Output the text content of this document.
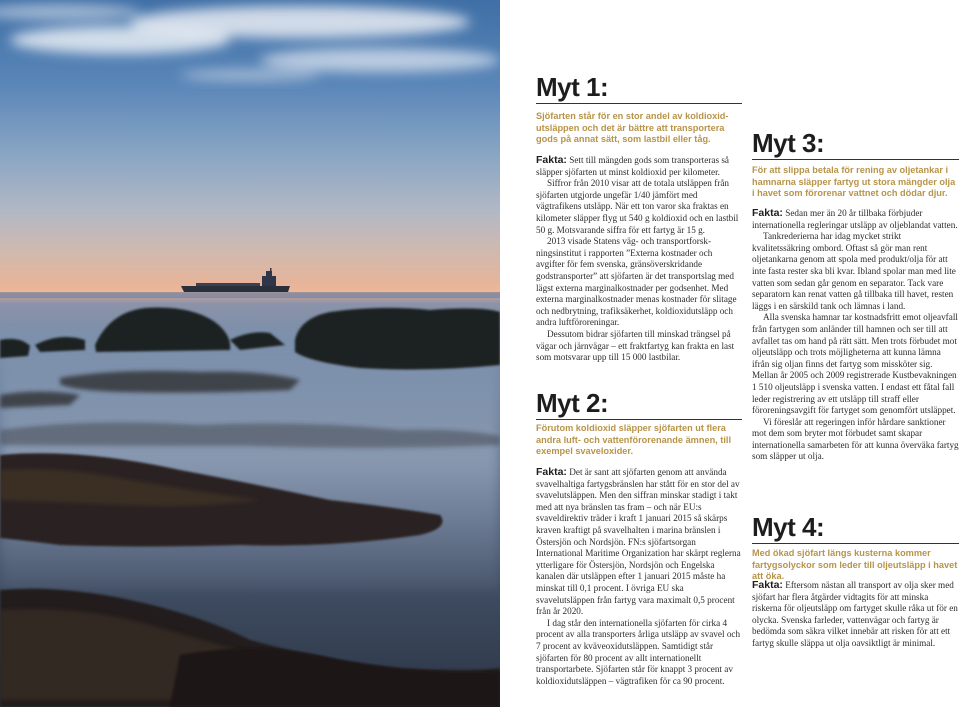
Myt 1:
Sjöfarten står för en stor andel av koldioxidutsläppen och det är bättre att transportera gods på annat sätt, som lastbil eller tåg.

Fakta: Sett till mängden gods som transporteras så släpper sjöfarten ut minst koldioxid per kilometer.

Siffror från 2010 visar att de totala utsläppen från sjöfarten utgjorde ungefär 1/40 jämfört med vägtrafikens utsläpp. När ett ton varor ska fraktas en kilometer släpper flyg ut 540 g koldioxid och en lastbil 50 g. Motsvarande siffra för ett fartyg är 15 g.

2013 visade Statens väg- och transportforskningsinstitut i rapporten ”Externa kostnader och avgifter för fem svenska, gränsöverskridande godstransporter” att sjöfarten är det transportslag med lägst externa marginalkostnader per godsenhet. Med externa marginalkostnader menas kostnader för slitage och nedbrytning, trafiksäkerhet, koldioxidutsläpp och andra luftföroreningar.

Dessutom bidrar sjöfarten till minskad trängsel på vägar och järnvägar – ett fraktfartyg kan frakta en last som motsvarar upp till 15 000 lastbilar.

Myt 2:
Förutom koldioxid släpper sjöfarten ut flera andra luft- och vattenförorenande ämnen, till exempel svaveloxider.

Fakta: Det är sant att sjöfarten genom att använda svavelhaltiga fartygsbränslen har stått för en stor del av svavelutsläppen. Men den siffran minskar stadigt i takt med att nya bränslen tas fram – och när EU:s svaveldirektiv träder i kraft 1 januari 2015 så skärps kraven kraftigt på svavelhalten i marina bränslen i Östersjön och Nordsjön. FN:s sjöfartsorgan International Maritime Organization har skärpt reglerna ytterligare för Östersjön, Nordsjön och Engelska kanalen där utsläppen efter 1 januari 2015 måste ha minskat till 0,1 procent. I övriga EU ska svavelutsläppen från fartyg vara maximalt 0,5 procent från år 2020.

I dag står den internationella sjöfarten för cirka 4 procent av alla transporters årliga utsläpp av svavel och 7 procent av kväveoxidutsläppen. Samtidigt står sjöfarten för 80 procent av allt internationellt transportarbete. Sjöfarten står för knappt 3 procent av koldioxidutsläppen – vägtrafiken för ca 90 procent.

Myt 3:
För att slippa betala för rening av oljetankar i hamnarna släpper fartyg ut stora mängder olja i havet som förorenar vattnet och dödar djur.

Fakta: Sedan mer än 20 år tillbaka förbjuder internationella regleringar utsläpp av oljeblandat vatten.

Tankrederierna har idag mycket strikt kvalitetssäkring ombord. Oftast så gör man rent oljetankarna genom att spola med produkt/olja för att inte fasta rester ska bli kvar. Ibland spolar man med lite vatten som sedan går genom en separator. Tack vare separatorn kan renat vatten gå tillbaka till havet, resten läggs i en särskild tank och lämnas i land.

Alla svenska hamnar tar kostnadsfritt emot oljeavfall från fartygen som anländer till hamnen och ser till att avfallet tas om hand på rätt sätt. Men trots förbudet mot oljeutsläpp och trots möjligheterna att kunna lämna ifrån sig oljan finns det fartyg som missköter sig. Mellan år 2005 och 2009 registrerade Kustbevakningen 1 510 oljeutsläpp i svenska vatten. I endast ett fåtal fall leder registrering av ett utsläpp till straff eller föroreningsavgift för fartyget som genomfört utsläppet.

Vi föreslår att regeringen inför hårdare sanktioner mot dem som bryter mot förbudet samt skapar internationella samarbeten för att kunna överväka fartyg som släpper ut olja.

Myt 4:
Med ökad sjöfart längs kusterna kommer fartygsolyckor som leder till oljeutsläpp i havet att öka.

Fakta: Eftersom nästan all transport av olja sker med sjöfart har flera åtgärder vidtagits för att minska riskerna för oljeutsläpp om fartyget skulle råka ut för en olycka. Svenska farleder, vattenvägar och fartyg är bedömda som säkra vilket innebär att risken för att ett fartyg skulle släppa ut olja oavsiktligt är minimal.
